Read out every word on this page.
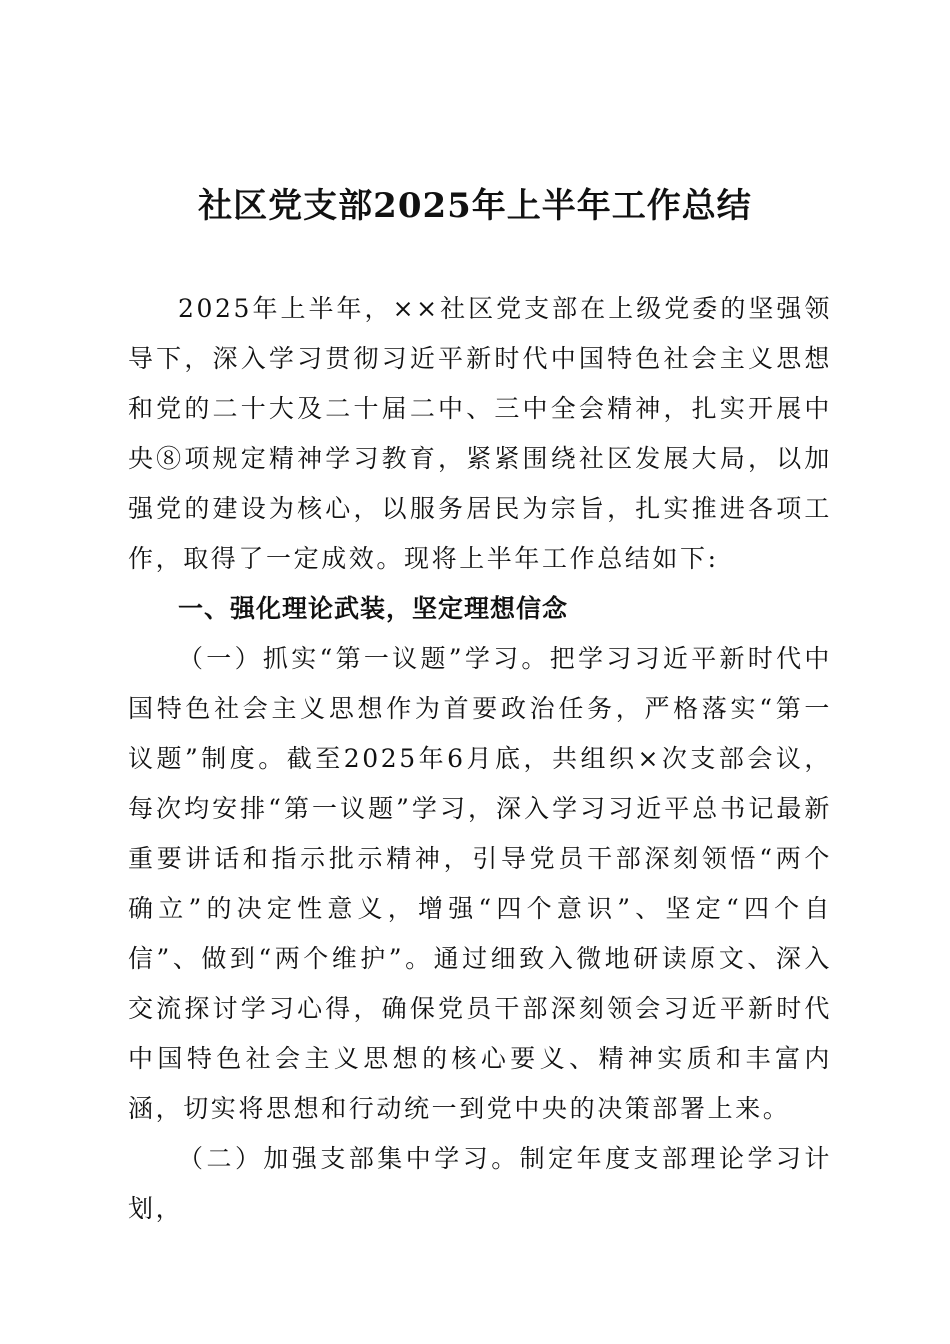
社区党支部2025年上半年工作总结

2025年上半年，××社区党支部在上级党委的坚强领导下，深入学习贯彻习近平新时代中国特色社会主义思想和党的二十大及二十届二中、三中全会精神，扎实开展中央⑧项规定精神学习教育，紧紧围绕社区发展大局，以加强党的建设为核心，以服务居民为宗旨，扎实推进各项工作，取得了一定成效。现将上半年工作总结如下:

一、强化理论武装，坚定理想信念

（一）抓实“第一议题”学习。把学习习近平新时代中国特色社会主义思想作为首要政治任务，严格落实“第一议题”制度。截至2025年6月底，共组织×次支部会议，每次均安排“第一议题”学习，深入学习习近平总书记最新重要讲话和指示批示精神，引导党员干部深刻领悟“两个确立”的决定性意义，增强“四个意识”、坚定“四个自信”、做到“两个维护”。通过细致入微地研读原文、深入交流探讨学习心得，确保党员干部深刻领会习近平新时代中国特色社会主义思想的核心要义、精神实质和丰富内涵，切实将思想和行动统一到党中央的决策部署上来。

（二）加强支部集中学习。制定年度支部理论学习计划，
